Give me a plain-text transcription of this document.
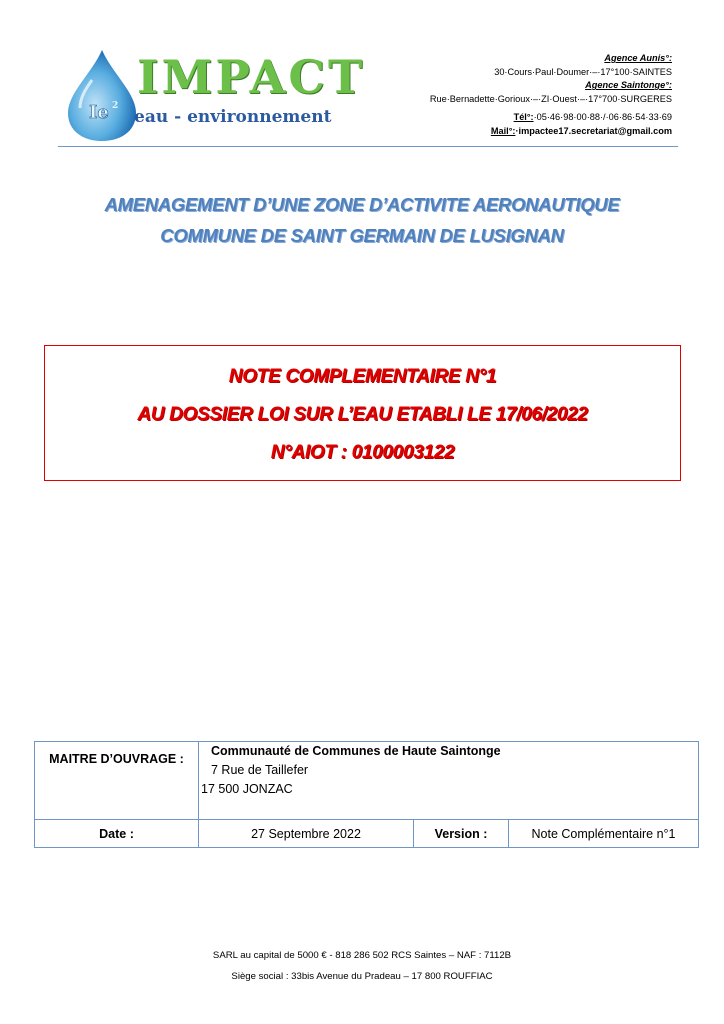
Ie 2
IMPACT
eau - environnement
Agence Aunis°:
30·Cours·Paul·Doumer·–·17°100·SAINTES
Agence Saintonge°:
Rue·Bernadette·Gorioux·–·ZI·Ouest·–·17°700·SURGERES
Tél°:·05·46·98·00·88·/·06·86·54·33·69
Mail°:·impactee17.secretariat@gmail.com
AMENAGEMENT D’UNE ZONE D’ACTIVITE AERONAUTIQUE
COMMUNE DE SAINT GERMAIN DE LUSIGNAN
NOTE COMPLEMENTAIRE N°1
AU DOSSIER LOI SUR L’EAU ETABLI LE 17/06/2022
N°AIOT : 0100003122
MAITRE D’OUVRAGE :	Communauté de Communes de Haute Saintonge
7 Rue de Taillefer
17 500 JONZAC		

Date :	27 Septembre 2022	Version :	Note Complémentaire n°1
SARL au capital de 5000 € - 818 286 502 RCS Saintes – NAF : 7112B
Siège social : 33bis Avenue du Pradeau – 17 800 ROUFFIAC
